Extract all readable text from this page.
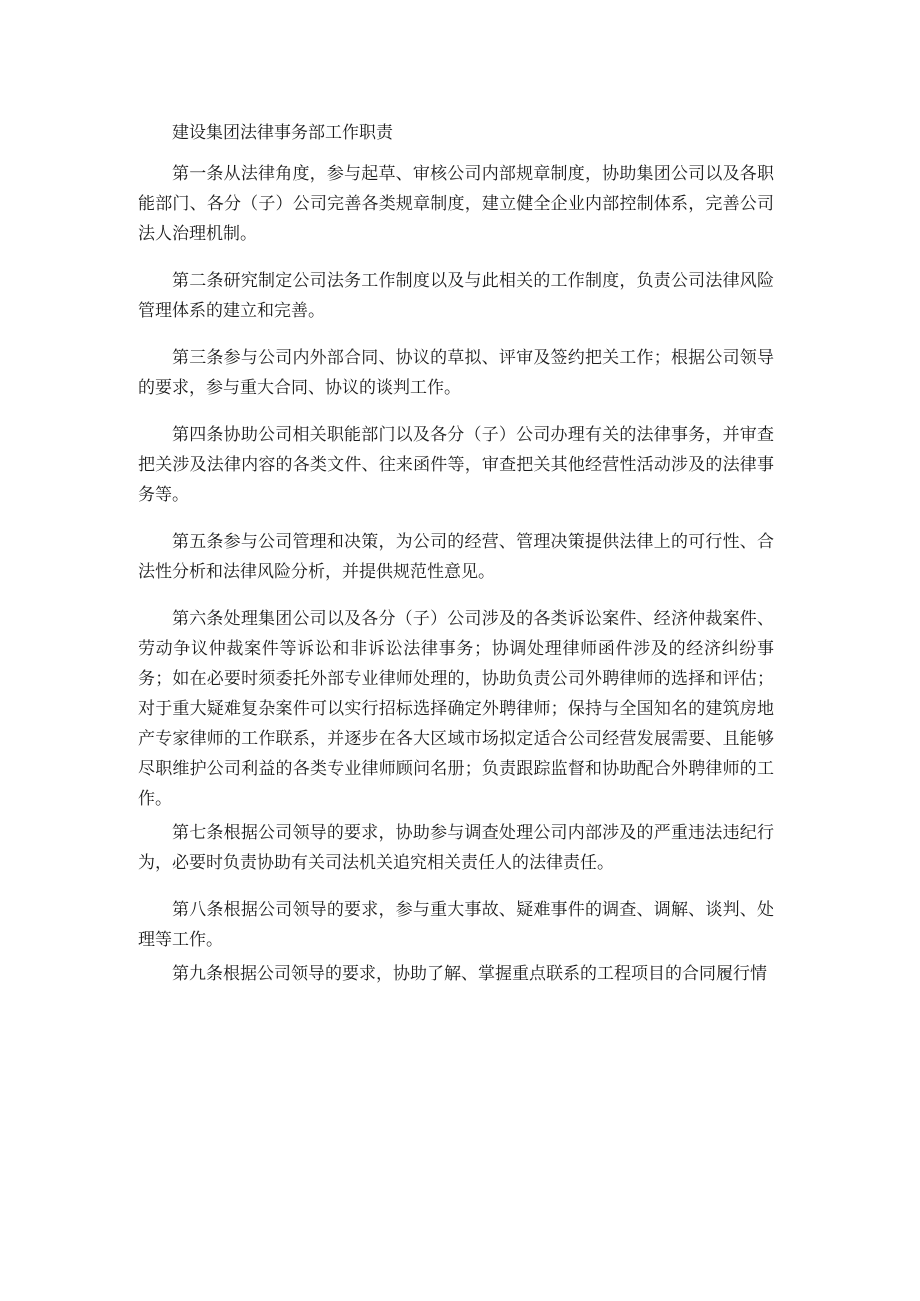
建设集团法律事务部工作职责

第一条从法律角度，参与起草、审核公司内部规章制度，协助集团公司以及各职能部门、各分（子）公司完善各类规章制度，建立健全企业内部控制体系，完善公司法人治理机制。

第二条研究制定公司法务工作制度以及与此相关的工作制度，负责公司法律风险管理体系的建立和完善。

第三条参与公司内外部合同、协议的草拟、评审及签约把关工作；根据公司领导的要求，参与重大合同、协议的谈判工作。

第四条协助公司相关职能部门以及各分（子）公司办理有关的法律事务，并审查把关涉及法律内容的各类文件、往来函件等，审查把关其他经营性活动涉及的法律事务等。

第五条参与公司管理和决策，为公司的经营、管理决策提供法律上的可行性、合法性分析和法律风险分析，并提供规范性意见。

第六条处理集团公司以及各分（子）公司涉及的各类诉讼案件、经济仲裁案件、劳动争议仲裁案件等诉讼和非诉讼法律事务；协调处理律师函件涉及的经济纠纷事务；如在必要时须委托外部专业律师处理的，协助负责公司外聘律师的选择和评估；对于重大疑难复杂案件可以实行招标选择确定外聘律师；保持与全国知名的建筑房地产专家律师的工作联系，并逐步在各大区域市场拟定适合公司经营发展需要、且能够尽职维护公司利益的各类专业律师顾问名册；负责跟踪监督和协助配合外聘律师的工作。

第七条根据公司领导的要求，协助参与调查处理公司内部涉及的严重违法违纪行为，必要时负责协助有关司法机关追究相关责任人的法律责任。

第八条根据公司领导的要求，参与重大事故、疑难事件的调查、调解、谈判、处理等工作。

第九条根据公司领导的要求，协助了解、掌握重点联系的工程项目的合同履行情
